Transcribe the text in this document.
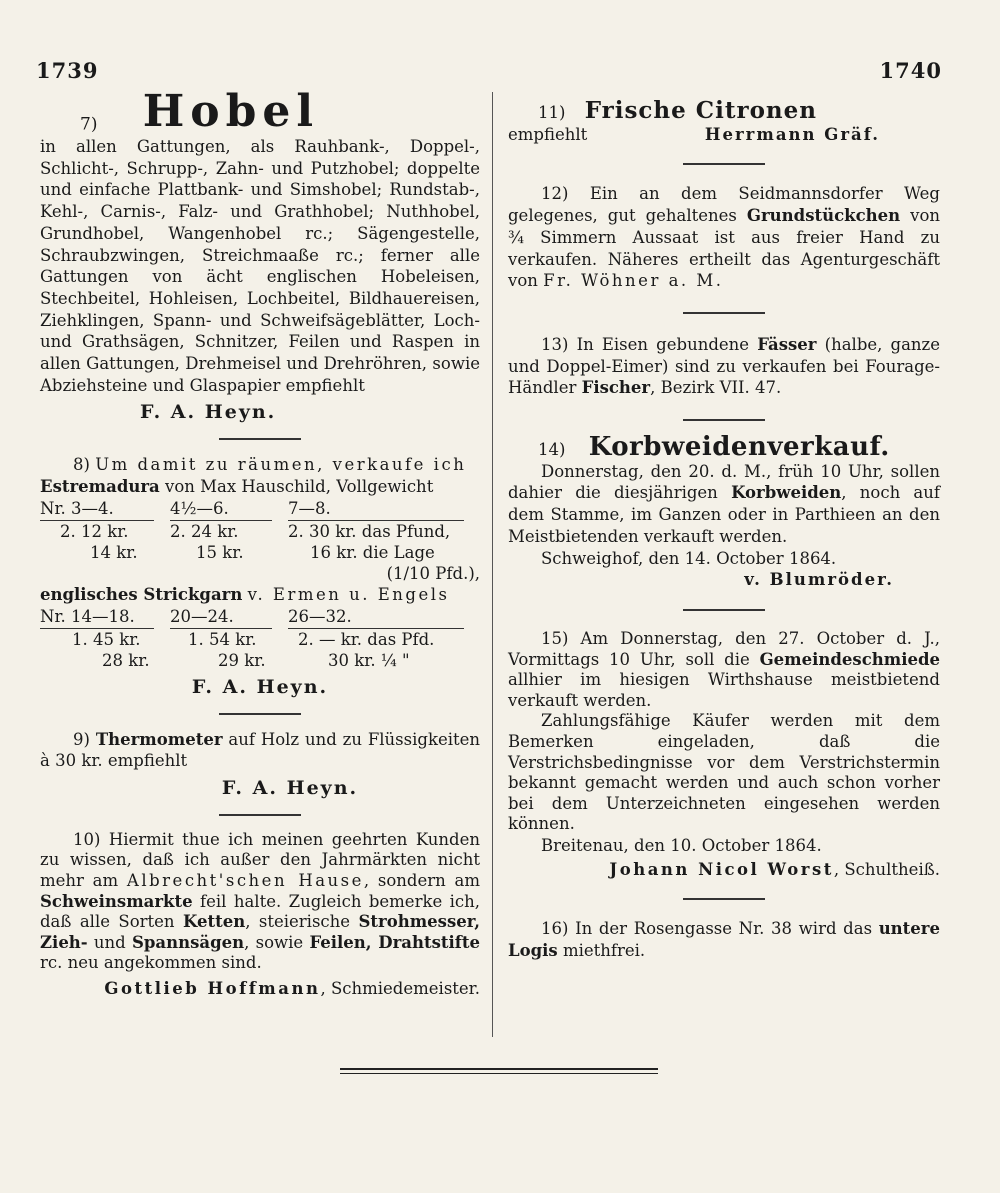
1739	1740
7) Hobel

in allen Gattungen, als Rauhbank-, Doppel-, Schlicht-, Schrupp-, Zahn- und Putzhobel; doppelte und einfache Plattbank- und Simshobel; Rundstab-, Kehl-, Carnis-, Falz- und Grathhobel; Nuthhobel, Grundhobel, Wangenhobel rc.; Sägengestelle, Schraubzwingen, Streichmaaße rc.; ferner alle Gattungen von ächt englischen Hobeleisen, Stechbeitel, Hohleisen, Lochbeitel, Bildhauereisen, Ziehklingen, Spann- und Schweifsägeblätter, Loch- und Grathsägen, Schnitzer, Feilen und Raspen in allen Gattungen, Drehmeisel und Drehröhren, sowie Abziehsteine und Glaspapier empfiehlt

F. A. Heyn.

8) Um damit zu räumen, verkaufe ich

Estremadura von Max Hauschild, Vollgewicht

Nr. 3—4.	4½—6.	7—8.
2. 12 kr.	2. 24 kr.	2. 30 kr. das Pfund,
14 kr.	15 kr.	16 kr. die Lage
(1/10 Pfd.),

englisches Strickgarn v. Ermen u. Engels

Nr. 14—18.	20—24.	26—32.
1. 45 kr.	1. 54 kr.	2. — kr. das Pfd.
28 kr.	29 kr.	30 kr. ¼ "
F. A. Heyn.

9) Thermometer auf Holz und zu Flüssigkeiten à 30 kr. empfiehlt

F. A. Heyn.

10) Hiermit thue ich meinen geehrten Kunden zu wissen, daß ich außer den Jahrmärkten nicht mehr am Albrecht'schen Hause, sondern am Schweinsmarkte feil halte. Zugleich bemerke ich, daß alle Sorten Ketten, steierische Strohmesser, Zieh- und Spannsägen, sowie Feilen, Drahtstifte rc. neu angekommen sind.

Gottlieb Hoffmann, Schmiedemeister.
11) Frische Citronen
empfiehlt	Herrmann Gräf.

12) Ein an dem Seidmannsdorfer Weg gelegenes, gut gehaltenes Grundstückchen von ¾ Simmern Aussaat ist aus freier Hand zu verkaufen. Näheres ertheilt das Agenturgeschäft von Fr. Wöhner a. M.

13) In Eisen gebundene Fässer (halbe, ganze und Doppel-Eimer) sind zu verkaufen bei Fourage-Händler Fischer, Bezirk VII. 47.

14) Korbweidenverkauf.

Donnerstag, den 20. d. M., früh 10 Uhr, sollen dahier die diesjährigen Korbweiden, noch auf dem Stamme, im Ganzen oder in Parthieen an den Meistbietenden verkauft werden.

Schweighof, den 14. October 1864.

v. Blumröder.

15) Am Donnerstag, den 27. October d. J., Vormittags 10 Uhr, soll die Gemeindeschmiede allhier im hiesigen Wirthshause meistbietend verkauft werden.

Zahlungsfähige Käufer werden mit dem Bemerken eingeladen, daß die Verstrichsbedingnisse vor dem Verstrichstermin bekannt gemacht werden und auch schon vorher bei dem Unterzeichneten eingesehen werden können.

Breitenau, den 10. October 1864.

Johann Nicol Worst, Schultheiß.

16) In der Rosengasse Nr. 38 wird das untere Logis miethfrei.
